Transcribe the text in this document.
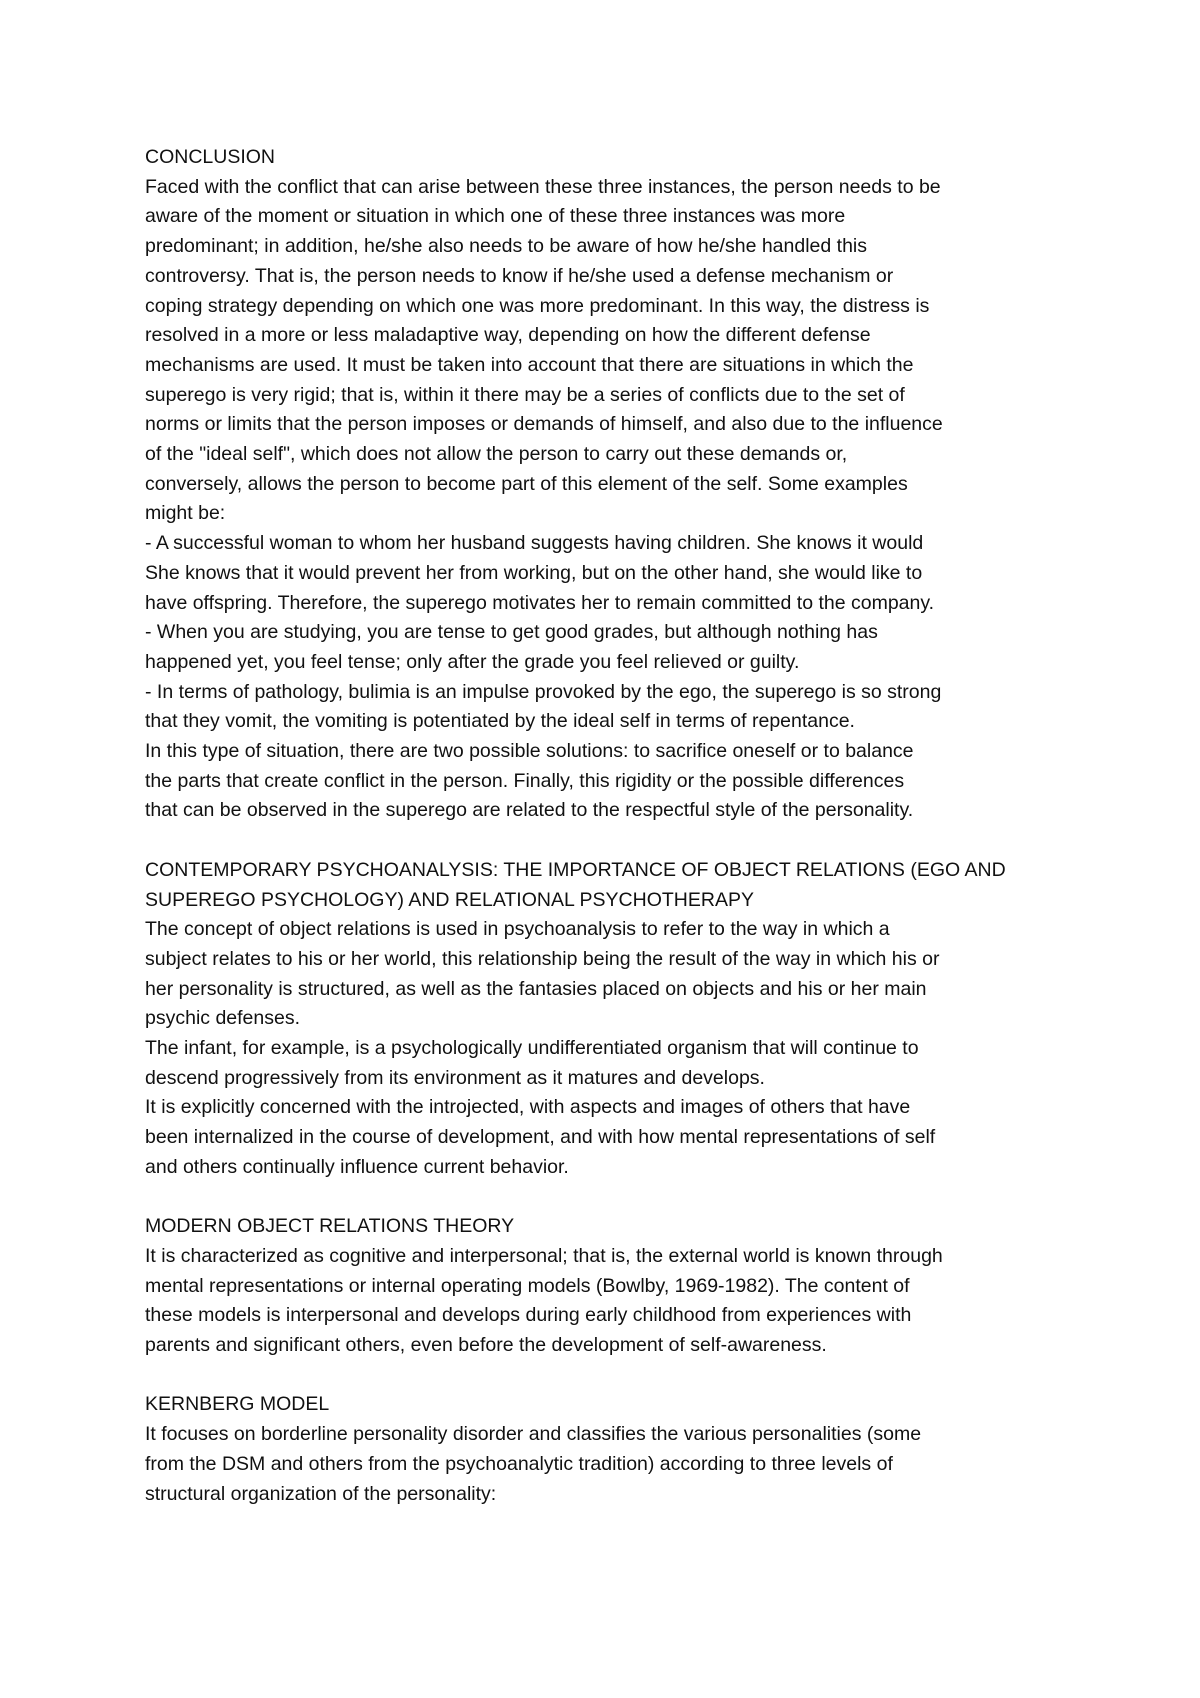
CONCLUSION
Faced with the conflict that can arise between these three instances, the person needs to be
aware of the moment or situation in which one of these three instances was more
predominant; in addition, he/she also needs to be aware of how he/she handled this
controversy. That is, the person needs to know if he/she used a defense mechanism or
coping strategy depending on which one was more predominant. In this way, the distress is
resolved in a more or less maladaptive way, depending on how the different defense
mechanisms are used. It must be taken into account that there are situations in which the
superego is very rigid; that is, within it there may be a series of conflicts due to the set of
norms or limits that the person imposes or demands of himself, and also due to the influence
of the "ideal self", which does not allow the person to carry out these demands or,
conversely, allows the person to become part of this element of the self. Some examples
might be:
- A successful woman to whom her husband suggests having children. She knows it would
She knows that it would prevent her from working, but on the other hand, she would like to
have offspring. Therefore, the superego motivates her to remain committed to the company.
- When you are studying, you are tense to get good grades, but although nothing has
happened yet, you feel tense; only after the grade you feel relieved or guilty.
- In terms of pathology, bulimia is an impulse provoked by the ego, the superego is so strong
that they vomit, the vomiting is potentiated by the ideal self in terms of repentance.
In this type of situation, there are two possible solutions: to sacrifice oneself or to balance
the parts that create conflict in the person. Finally, this rigidity or the possible differences
that can be observed in the superego are related to the respectful style of the personality.
CONTEMPORARY PSYCHOANALYSIS: THE IMPORTANCE OF OBJECT RELATIONS (EGO AND
SUPEREGO PSYCHOLOGY) AND RELATIONAL PSYCHOTHERAPY
The concept of object relations is used in psychoanalysis to refer to the way in which a
subject relates to his or her world, this relationship being the result of the way in which his or
her personality is structured, as well as the fantasies placed on objects and his or her main
psychic defenses.
The infant, for example, is a psychologically undifferentiated organism that will continue to
descend progressively from its environment as it matures and develops.
It is explicitly concerned with the introjected, with aspects and images of others that have
been internalized in the course of development, and with how mental representations of self
and others continually influence current behavior.
MODERN OBJECT RELATIONS THEORY
It is characterized as cognitive and interpersonal; that is, the external world is known through
mental representations or internal operating models (Bowlby, 1969-1982). The content of
these models is interpersonal and develops during early childhood from experiences with
parents and significant others, even before the development of self-awareness.
KERNBERG MODEL
It focuses on borderline personality disorder and classifies the various personalities (some
from the DSM and others from the psychoanalytic tradition) according to three levels of
structural organization of the personality:
